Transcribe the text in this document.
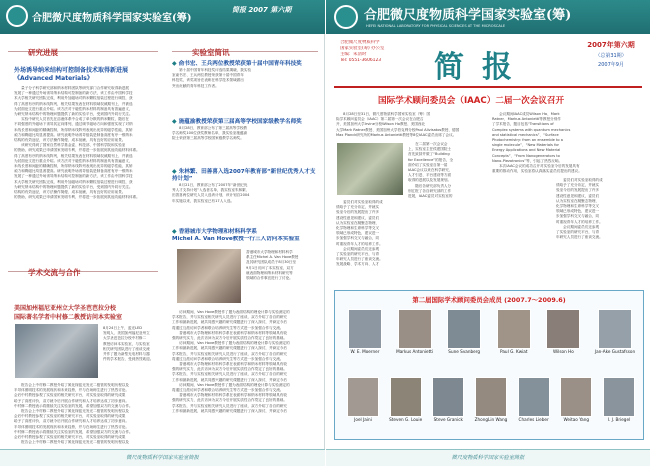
合肥微尺度物质科学国家实验室(筹)
简报 2007 第六期
研究进展
外场诱导纳米结构可控制备技术取得新进展
《Advanced Materials》
　　量子分子科学研究部和纳米材料团队等研究部门合作研究取得新进展
发展了一种通过外场诱导纳米结构可控制备的新方法，该工作由中国科学技
术大学相关研究团队完成，利用外加磁场对纳米颗粒组装过程进行调控，获
得了高度有序的纳米线阵列，相关结果发表在材料领域权威期刊上，并被选
为封面论文进行重点介绍。该方法对于磁性纳米材料的制备具有普遍意义，
为研究纳米结构中的物理问题提供了新的实验平台，受到国内外同行关注。
　　实验中研究人员首先在溶液体系中合成了单分散的纳米颗粒，随后在
不同强度的外磁场下诱导其定向排列，通过调节磁场方向和强度实现了对纳
米线长度和间距的精确控制，所得纳米线阵列表现出优异的磁学性能，其矫
顽力和剩磁比均显著提高。研究表明外场诱导组装是制备高度有序一维纳米
结构的有效途径，该方法操作简便、成本低廉，具有良好的应用前景。
　　该研究得到了国家自然科学基金委、科技部、中国科学院和实验室
的资助，研究成果已申请国家发明专利，并将进一步拓展到其他功能材料体系。
得了高度有序的纳米线阵列，相关结果发表在材料领域权威期刊上，并被选
为封面论文进行重点介绍。该方法对于磁性纳米材料的制备具有普遍意义，
米线长度和间距的精确控制，所得纳米线阵列表现出优异的磁学性能，其矫
顽力和剩磁比均显著提高。研究表明外场诱导组装是制备高度有序一维纳米
发展了一种通过外场诱导纳米结构可控制备的新方法，该工作由中国科学技
术大学相关研究团队完成，利用外加磁场对纳米颗粒组装过程进行调控，获
为研究纳米结构中的物理问题提供了新的实验平台，受到国内外同行关注。
结构的有效途径，该方法操作简便、成本低廉，具有良好的应用前景。
的资助，研究成果已申请国家发明专利，并将进一步拓展到其他功能材料体系。
学术交流与合作
美国加州福尼亚州立大学圣芭芭拉分校
国际著名学者中村修二教授访问本实验室
8月24日上午，蓝光LED
发明人、美国加州福尼亚州立
大学圣芭芭拉分校中村修二
教授访问本实验室，与实验室
相关研究团队进行了座谈交流
并作了题为新型光电材料与器
件的学术报告，受到热烈欢迎。
　　报告会上中村修二教授介绍了氮化镓蓝光发光二极管的发明历程以及
半导体照明技术的发展现状和未来趋势，并与在场师生进行了热烈讨论。
会后中村教授参观了实验室的相关研究平台，对实验室取得的研究成果
给予了高度评价，双方就今后开展合作研究和人才培养达成了初步意向。
中村修二教授表示将继续关注实验室的发展，希望加强双方的交流与合作。
　　报告会上中村修二教授介绍了氮化镓蓝光发光二极管的发明历程以及
会后中村教授参观了实验室的相关研究平台，对实验室取得的研究成果
给予了高度评价，双方就今后开展合作研究和人才培养达成了初步意向。
半导体照明技术的发展现状和未来趋势，并与在场师生进行了热烈讨论。
中村修二教授表示将继续关注实验室的发展，希望加强双方的交流与合作。
会后中村教授参观了实验室的相关研究平台，对实验室取得的研究成果
　　报告会上中村修二教授介绍了氮化镓蓝光发光二极管的发明历程以及
实验室简讯
◆ 俞书宏、王兵两位教授荣获第十届中国青年科技奖
　　第十届中国青年科技奖评选结果揭晓，我实验
室俞书宏、王兵两位教授荣获第十届中国青年
科技奖，该奖项旨在表彰在科学技术领域做出
突出贡献的青年科技工作者。
◆ 施蕴渝教授荣获第三届高等学校国家级教学名师奖
　　8月28日，教育部公布了第三届高等学校教
学名师奖100位获奖教师名单，我实验室施蕴渝
院士荣获第三届高等学校国家级教学名师奖。
◆ 朱林繁、田善喜入选2007年教育部“新世纪优秀人才支持计划”
　　8月21日，教育部公布了2007年“新世纪优
秀人才支持计划”入选者名单，我实验室朱林繁、
田善喜两位研究人员入选该计划，该计划自2004
年实施以来，我实验室已有17人入选。
◆ 香港城市大学物理和材料科学系
Michel A. Van Hove教授一行三人访问本实验室
香港城市大学物理和材料科学
系主任Michel A. Van Hove教授
及其研究团队成员于8月30日至
9月1日访问了本实验室，双方
就表面物理和纳米材料研究等
领域的合作事宜进行了讨论。
　　访问期间，Van Hove教授作了题为表面结构的理论计算与实验测定的
学术报告，并与实验室相关研究人员进行了座谈，双方介绍了各自的研究
工作和最新进展，就共同感兴趣的研究课题进行了深入探讨，并商定今后
将通过互派访问学者和联合培养研究生等方式进一步加强合作与交流。
　　香港城市大学物理和材料科学系在表面科学和纳米材料等领域具有较
强的研究实力，此次访问为双方今后开展实质性合作奠定了良好的基础。
　　访问期间，Van Hove教授作了题为表面结构的理论计算与实验测定的
工作和最新进展，就共同感兴趣的研究课题进行了深入探讨，并商定今后
学术报告，并与实验室相关研究人员进行了座谈，双方介绍了各自的研究
将通过互派访问学者和联合培养研究生等方式进一步加强合作与交流。
　　香港城市大学物理和材料科学系在表面科学和纳米材料等领域具有较
强的研究实力，此次访问为双方今后开展实质性合作奠定了良好的基础。
学术报告，并与实验室相关研究人员进行了座谈，双方介绍了各自的研究
工作和最新进展，就共同感兴趣的研究课题进行了深入探讨，并商定今后
　　访问期间，Van Hove教授作了题为表面结构的理论计算与实验测定的
将通过互派访问学者和联合培养研究生等方式进一步加强合作与交流。
　　香港城市大学物理和材料科学系在表面科学和纳米材料等领域具有较
强的研究实力，此次访问为双方今后开展实质性合作奠定了良好的基础。
学术报告，并与实验室相关研究人员进行了座谈，双方介绍了各自的研究
工作和最新进展，就共同感兴趣的研究课题进行了深入探讨，并商定今后
微尺度物质科学国家实验室简报
合肥微尺度物质科学国家实验室(筹)
HEFEI NATIONAL LABORATORY FOR PHYSICAL SCIENCES AT THE MICROSCALE
合肥微尺度物质科学
国家实验室(筹) 办公室
主编：朱清时
Tel: 0551-3606123	简报
2007年第六期
（总第31期）
2007年9月
国际学术顾问委员会（IAAC）二届一次会议召开
　　8月28日至31日，微尺度物质科学国家实验室（筹）国
际学术顾问委员会（IAAC）第二届第一次会议在合肥召
开，美国加州大学Irvine分校Wilson Ho教授、美国西北
大学Mark Ratner教授、美国加州大学伯克利分校Paul Alivisatos教授、德国
Max Planck研究所的Markus Antonietti教授等8位IAAC委员出席了会议。
　　在二届第一次会议会
上，实验室主任侯建国院士
首先致辞并做了“Building
for Excellence”的报告，全
面介绍了实验室自第一届
IAAC会议以来在科学研究、
人才引进、平台建设等方面
取得的进展以及发展规划。
　　随后各研究部负责人分
别汇报了各自研究部的工作
进展，IAAC委员对实验室的
　　委员们对实验室取得的成
绩给予了充分肯定，并就实
验室今后的发展提出了许多
建设性意见和建议，委员们
认为实验室在凝聚态物理、
化学物理和生命科学等交叉
领域已形成特色，建议进一
步加强学科交叉与融合，同
时重视青年人才的培养工作。
　　会议期间委员们还参观
了实验室的研究平台，与青
年研究人员进行了座谈交流。
发展战略、学术方向、人才
　　会议期间IAAC成员Wilson Ho、Mark
Ratner、Markus Antonietti等教授分别作
了学术报告，题目包括“Transitions of
Complex systems with quantum mechanics
and statistical mechanics”、“Surface
Photochemistry: from an ensemble to a
single molecule”、“New Materials for
Energy Applications and New Material
Concepts”、“From Nanogenerators to
Nano-Piezotronics”等，引起了热烈反响。
　　本次IAAC会议的成功召开对实验室今后的发展具有
重要的推动作用，实验室将认真落实委员们提出的建议。
　　委员们对实验室取得的成
绩给予了充分肯定，并就实
验室今后的发展提出了许多
建设性意见和建议，委员们
认为实验室在凝聚态物理、
化学物理和生命科学等交叉
领域已形成特色，建议进一
步加强学科交叉与融合，同
时重视青年人才的培养工作。
　　会议期间委员们还参观
了实验室的研究平台，与青
年研究人员进行了座谈交流。
第二届国际学术顾问委员会成员 (2007.7～2009.6)
W. E. Moerner	Markus Antonietti	Sune Svanberg	Paul G. Kwiat	Wilson Ho	Jan-Ake Gustafsson
Joel Jaini	Steven G. Louie	Steve Granick	ZhongLin Wang	Charles Lieber	Weitao Yang	I. J. Briegel
微尺度物质科学国家实验室简报
